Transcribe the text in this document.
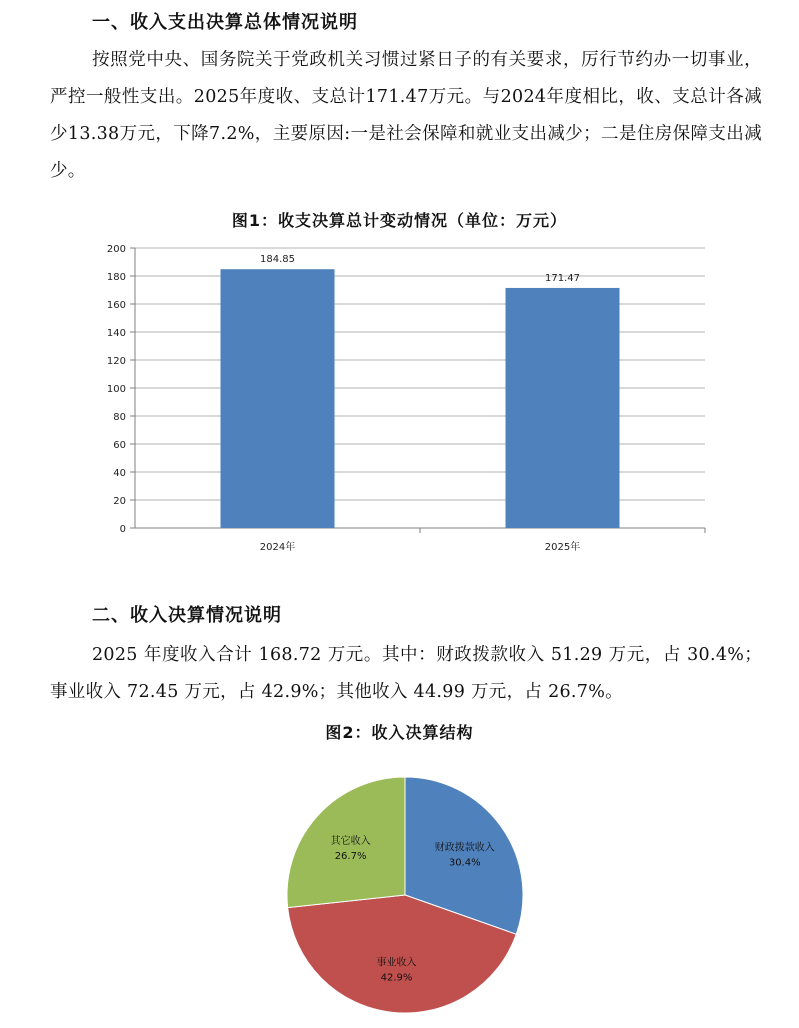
一、收入支出决算总体情况说明

按照党中央、国务院关于党政机关习惯过紧日子的有关要求，厉行节约办一切事业，严控一般性支出。2025年度收、支总计171.47万元。与2024年度相比，收、支总计各减少13.38万元，下降7.2%，主要原因:一是社会保障和就业支出减少；二是住房保障支出减少。

图1：收支决算总计变动情况（单位：万元）

0
20
40
60
80
100
120
140
160
180
200
184.85
2024年
171.47
2025年
二、收入决算情况说明

2025 年度收入合计 168.72 万元。其中：财政拨款收入 51.29 万元，占 30.4%；事业收入 72.45 万元，占 42.9%；其他收入 44.99 万元，占 26.7%。

图2：收入决算结构

财政拨款收入
30.4%
事业收入
42.9%
其它收入
26.7%
